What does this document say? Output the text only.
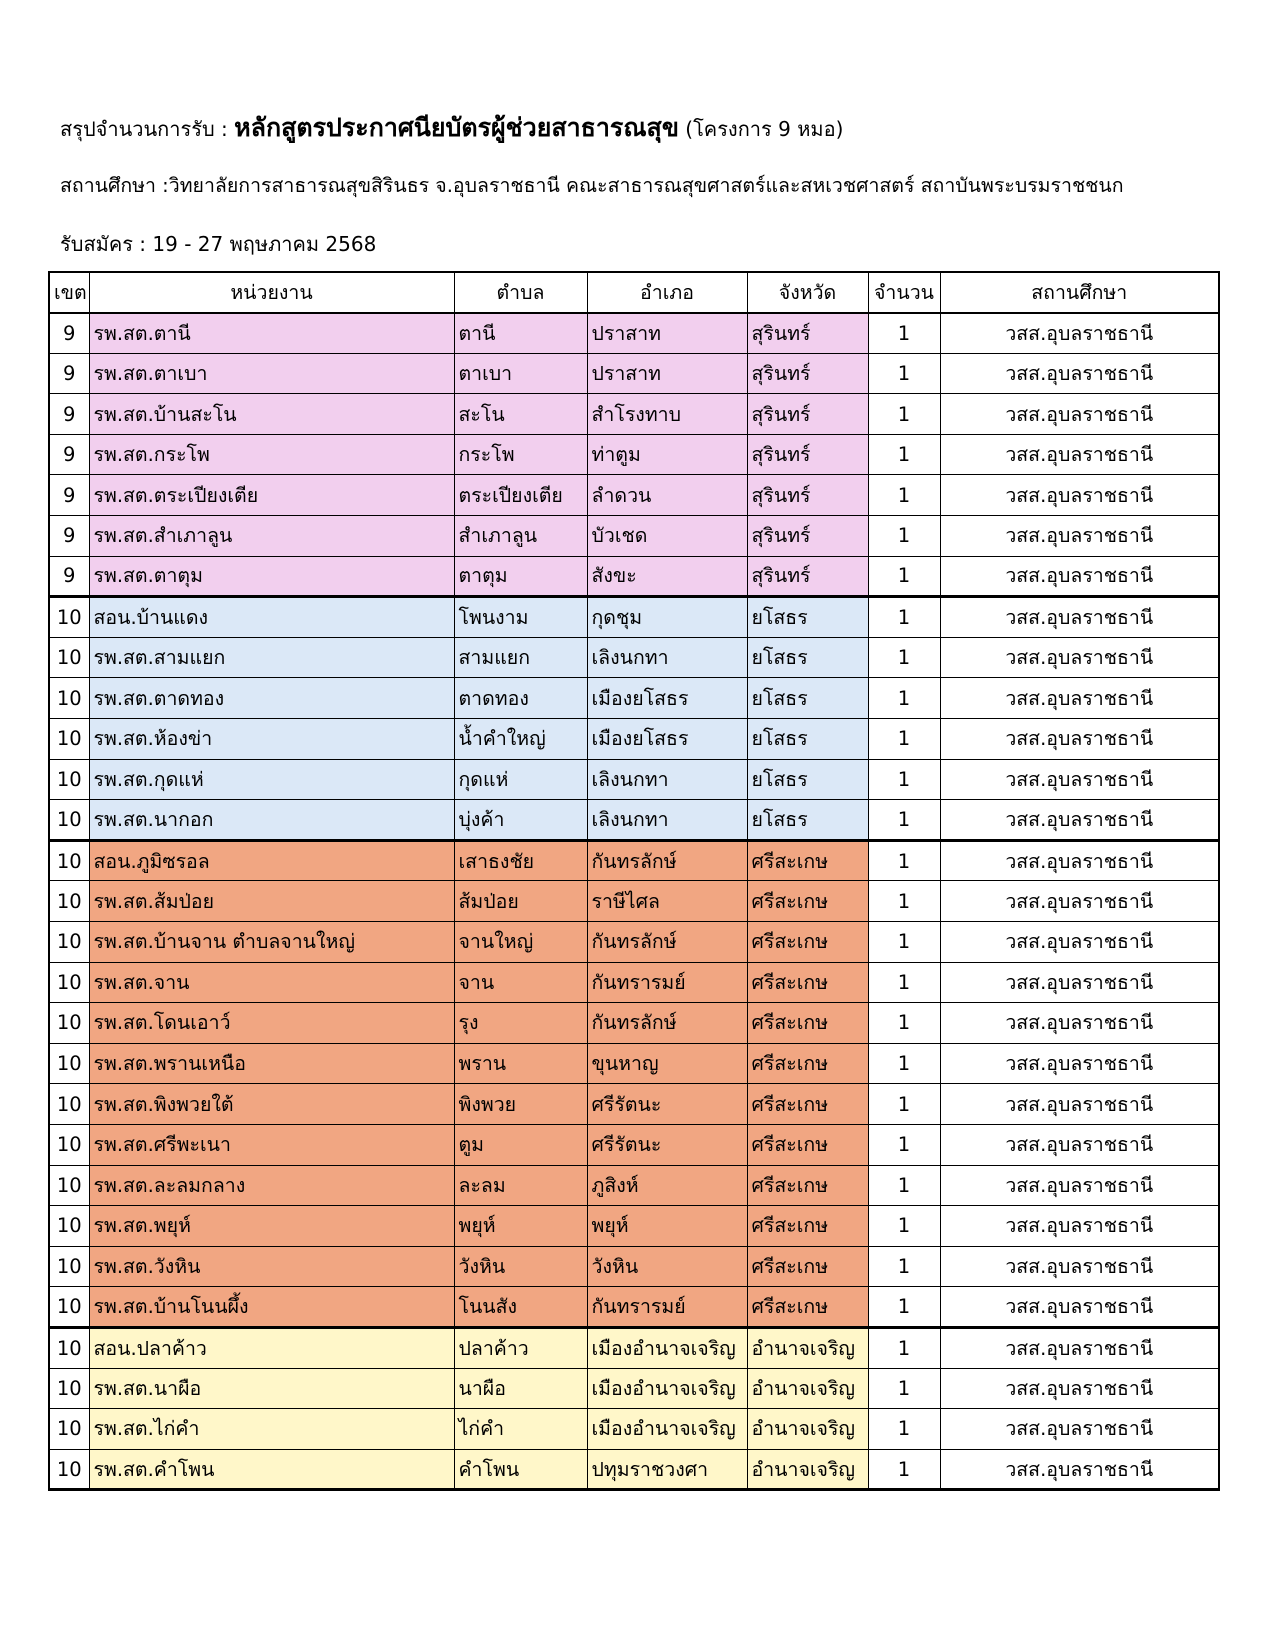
สรุปจำนวนการรับ : หลักสูตรประกาศนียบัตรผู้ช่วยสาธารณสุข (โครงการ 9 หมอ)
สถานศึกษา :วิทยาลัยการสาธารณสุขสิรินธร จ.อุบลราชธานี คณะสาธารณสุขศาสตร์และสหเวชศาสตร์ สถาบันพระบรมราชชนก
รับสมัคร : 19 - 27 พฤษภาคม 2568
เขต	หน่วยงาน	ตำบล	อำเภอ	จังหวัด	จำนวน	สถานศึกษา
9	รพ.สต.ตานี	ตานี	ปราสาท	สุรินทร์	1	วสส.อุบลราชธานี
9	รพ.สต.ตาเบา	ตาเบา	ปราสาท	สุรินทร์	1	วสส.อุบลราชธานี
9	รพ.สต.บ้านสะโน	สะโน	สำโรงทาบ	สุรินทร์	1	วสส.อุบลราชธานี
9	รพ.สต.กระโพ	กระโพ	ท่าตูม	สุรินทร์	1	วสส.อุบลราชธานี
9	รพ.สต.ตระเปียงเตีย	ตระเปียงเตีย	ลำดวน	สุรินทร์	1	วสส.อุบลราชธานี
9	รพ.สต.สำเภาลูน	สำเภาลูน	บัวเชด	สุรินทร์	1	วสส.อุบลราชธานี
9	รพ.สต.ตาตุม	ตาตุม	สังขะ	สุรินทร์	1	วสส.อุบลราชธานี
10	สอน.บ้านแดง	โพนงาม	กุดชุม	ยโสธร	1	วสส.อุบลราชธานี
10	รพ.สต.สามแยก	สามแยก	เลิงนกทา	ยโสธร	1	วสส.อุบลราชธานี
10	รพ.สต.ตาดทอง	ตาดทอง	เมืองยโสธร	ยโสธร	1	วสส.อุบลราชธานี
10	รพ.สต.ห้องข่า	น้ำคำใหญ่	เมืองยโสธร	ยโสธร	1	วสส.อุบลราชธานี
10	รพ.สต.กุดแห่	กุดแห่	เลิงนกทา	ยโสธร	1	วสส.อุบลราชธานี
10	รพ.สต.นากอก	บุ่งค้า	เลิงนกทา	ยโสธร	1	วสส.อุบลราชธานี
10	สอน.ภูมิซรอล	เสาธงชัย	กันทรลักษ์	ศรีสะเกษ	1	วสส.อุบลราชธานี
10	รพ.สต.ส้มป่อย	ส้มป่อย	ราษีไศล	ศรีสะเกษ	1	วสส.อุบลราชธานี
10	รพ.สต.บ้านจาน ตำบลจานใหญ่	จานใหญ่	กันทรลักษ์	ศรีสะเกษ	1	วสส.อุบลราชธานี
10	รพ.สต.จาน	จาน	กันทรารมย์	ศรีสะเกษ	1	วสส.อุบลราชธานี
10	รพ.สต.โดนเอาว์	รุง	กันทรลักษ์	ศรีสะเกษ	1	วสส.อุบลราชธานี
10	รพ.สต.พรานเหนือ	พราน	ขุนหาญ	ศรีสะเกษ	1	วสส.อุบลราชธานี
10	รพ.สต.พิงพวยใต้	พิงพวย	ศรีรัตนะ	ศรีสะเกษ	1	วสส.อุบลราชธานี
10	รพ.สต.ศรีพะเนา	ตูม	ศรีรัตนะ	ศรีสะเกษ	1	วสส.อุบลราชธานี
10	รพ.สต.ละลมกลาง	ละลม	ภูสิงห์	ศรีสะเกษ	1	วสส.อุบลราชธานี
10	รพ.สต.พยุห์	พยุห์	พยุห์	ศรีสะเกษ	1	วสส.อุบลราชธานี
10	รพ.สต.วังหิน	วังหิน	วังหิน	ศรีสะเกษ	1	วสส.อุบลราชธานี
10	รพ.สต.บ้านโนนผึ้ง	โนนสัง	กันทรารมย์	ศรีสะเกษ	1	วสส.อุบลราชธานี
10	สอน.ปลาค้าว	ปลาค้าว	เมืองอำนาจเจริญ	อำนาจเจริญ	1	วสส.อุบลราชธานี
10	รพ.สต.นาผือ	นาผือ	เมืองอำนาจเจริญ	อำนาจเจริญ	1	วสส.อุบลราชธานี
10	รพ.สต.ไก่คำ	ไก่คำ	เมืองอำนาจเจริญ	อำนาจเจริญ	1	วสส.อุบลราชธานี
10	รพ.สต.คำโพน	คำโพน	ปทุมราชวงศา	อำนาจเจริญ	1	วสส.อุบลราชธานี
